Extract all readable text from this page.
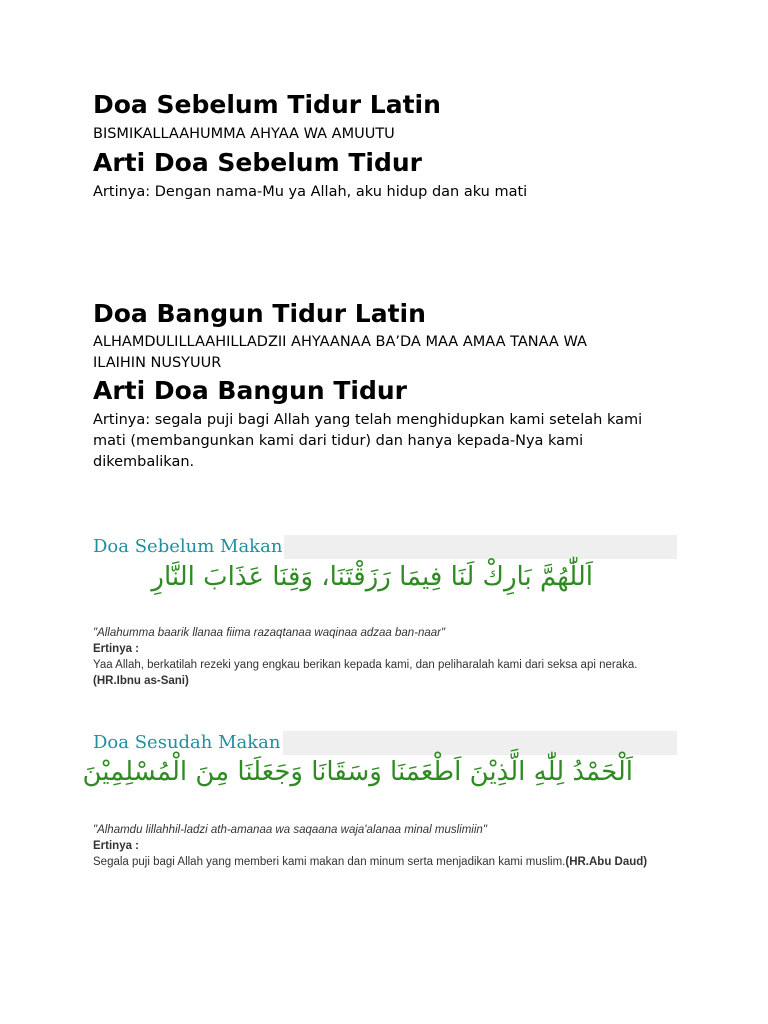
Doa Sebelum Tidur Latin

BISMIKALLAAHUMMA AHYAA WA AMUUTU

Arti Doa Sebelum Tidur

Artinya: Dengan nama-Mu ya Allah, aku hidup dan aku mati

Doa Bangun Tidur Latin

ALHAMDULILLAAHILLADZII AHYAANAA BA’DA MAA AMAA TANAA WA ILAIHIN NUSYUUR

Arti Doa Bangun Tidur

Artinya: segala puji bagi Allah yang telah menghidupkan kami setelah kami mati (membangunkan kami dari tidur) dan hanya kepada-Nya kami dikembalikan.

Doa Sebelum Makan
اَللّٰهُمَّ بَارِكْ لَنَا فِيمَا رَزَقْتَنَا، وَقِنَا عَذَابَ النَّارِ

"Allahumma baarik llanaa fiima razaqtanaa waqinaa adzaa ban-naar"

Ertinya :

Yaa Allah, berkatilah rezeki yang engkau berikan kepada kami, dan peliharalah kami dari seksa api neraka.(HR.Ibnu as-Sani)

Doa Sesudah Makan
اَلْحَمْدُ لِلّٰهِ الَّذِيْنَ اَطْعَمَنَا وَسَقَانَا وَجَعَلَنَا مِنَ الْمُسْلِمِيْنَ

"Alhamdu lillahhil-ladzi ath-amanaa wa saqaana waja'alanaa minal muslimiin"

Ertinya :

Segala puji bagi Allah yang memberi kami makan dan minum serta menjadikan kami muslim.(HR.Abu Daud)
